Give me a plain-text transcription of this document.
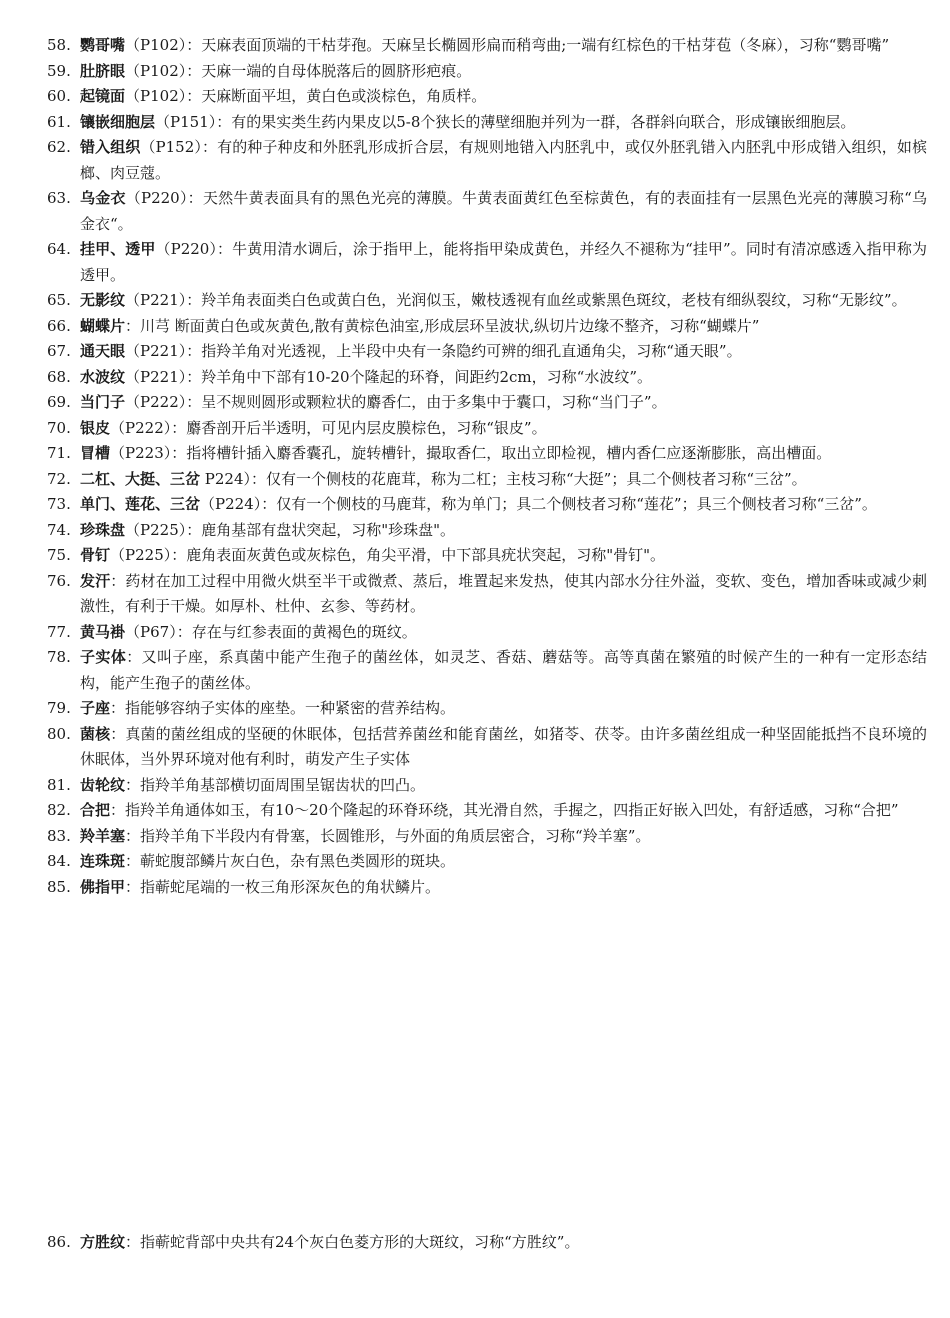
58. 鹦哥嘴（P102）：天麻表面顶端的干枯芽孢。天麻呈长椭圆形扁而稍弯曲;一端有红棕色的干枯芽苞（冬麻），习称“鹦哥嘴”
59. 肚脐眼（P102）：天麻一端的自母体脱落后的圆脐形疤痕。
60. 起镜面（P102）：天麻断面平坦，黄白色或淡棕色，角质样。
61. 镶嵌细胞层（P151）：有的果实类生药内果皮以5-8个狭长的薄壁细胞并列为一群，各群斜向联合，形成镶嵌细胞层。
62. 错入组织（P152）：有的种子种皮和外胚乳形成折合层，有规则地错入内胚乳中，或仅外胚乳错入内胚乳中形成错入组织，如槟榔、肉豆蔻。
63. 乌金衣（P220）：天然牛黄表面具有的黑色光亮的薄膜。牛黄表面黄红色至棕黄色，有的表面挂有一层黑色光亮的薄膜习称“乌金衣“。
64. 挂甲、透甲（P220）：牛黄用清水调后，涂于指甲上，能将指甲染成黄色，并经久不褪称为“挂甲”。同时有清凉感透入指甲称为透甲。
65. 无影纹（P221）：羚羊角表面类白色或黄白色，光润似玉，嫩枝透视有血丝或紫黑色斑纹，老枝有细纵裂纹，习称“无影纹”。
66. 蝴蝶片：川芎 断面黄白色或灰黄色,散有黄棕色油室,形成层环呈波状,纵切片边缘不整齐，习称“蝴蝶片”
67. 通天眼（P221）：指羚羊角对光透视，上半段中央有一条隐约可辨的细孔直通角尖，习称“通天眼”。
68. 水波纹（P221）：羚羊角中下部有10-20个隆起的环脊，间距约2cm，习称“水波纹”。
69. 当门子（P222）：呈不规则圆形或颗粒状的麝香仁，由于多集中于囊口，习称“当门子”。
70. 银皮（P222）：麝香剖开后半透明，可见内层皮膜棕色，习称“银皮”。
71. 冒槽（P223）：指将槽针插入麝香囊孔，旋转槽针，撮取香仁，取出立即检视，槽内香仁应逐渐膨胀，高出槽面。
72. 二杠、大挺、三岔 P224）：仅有一个侧枝的花鹿茸，称为二杠；主枝习称“大挺”；具二个侧枝者习称“三岔”。
73. 单门、莲花、三岔（P224）：仅有一个侧枝的马鹿茸，称为单门；具二个侧枝者习称“莲花”；具三个侧枝者习称“三岔”。
74. 珍珠盘（P225）：鹿角基部有盘状突起，习称"珍珠盘"。
75. 骨钉（P225）：鹿角表面灰黄色或灰棕色，角尖平滑，中下部具疣状突起，习称"骨钉"。
76. 发汗：药材在加工过程中用微火烘至半干或微煮、蒸后，堆置起来发热，使其内部水分往外溢，变软、变色，增加香味或减少刺激性，有利于干燥。如厚朴、杜仲、玄参、等药材。
77. 黄马褂（P67）：存在与红参表面的黄褐色的斑纹。
78. 子实体：又叫子座，系真菌中能产生孢子的菌丝体，如灵芝、香菇、蘑菇等。高等真菌在繁殖的时候产生的一种有一定形态结构，能产生孢子的菌丝体。
79. 子座：指能够容纳子实体的座垫。一种紧密的营养结构。
80. 菌核：真菌的菌丝组成的坚硬的休眠体，包括营养菌丝和能育菌丝，如猪苓、茯苓。由许多菌丝组成一种坚固能抵挡不良环境的休眠体，当外界环境对他有利时，萌发产生子实体
81. 齿轮纹：指羚羊角基部横切面周围呈锯齿状的凹凸。
82. 合把：指羚羊角通体如玉，有10～20个隆起的环脊环绕，其光滑自然，手握之，四指正好嵌入凹处，有舒适感，习称“合把”
83. 羚羊塞：指羚羊角下半段内有骨塞，长圆锥形，与外面的角质层密合，习称“羚羊塞”。
84. 连珠斑：蕲蛇腹部鳞片灰白色，杂有黑色类圆形的斑块。
85. 佛指甲：指蕲蛇尾端的一枚三角形深灰色的角状鳞片。
86. 方胜纹：指蕲蛇背部中央共有24个灰白色菱方形的大斑纹，习称“方胜纹”。
